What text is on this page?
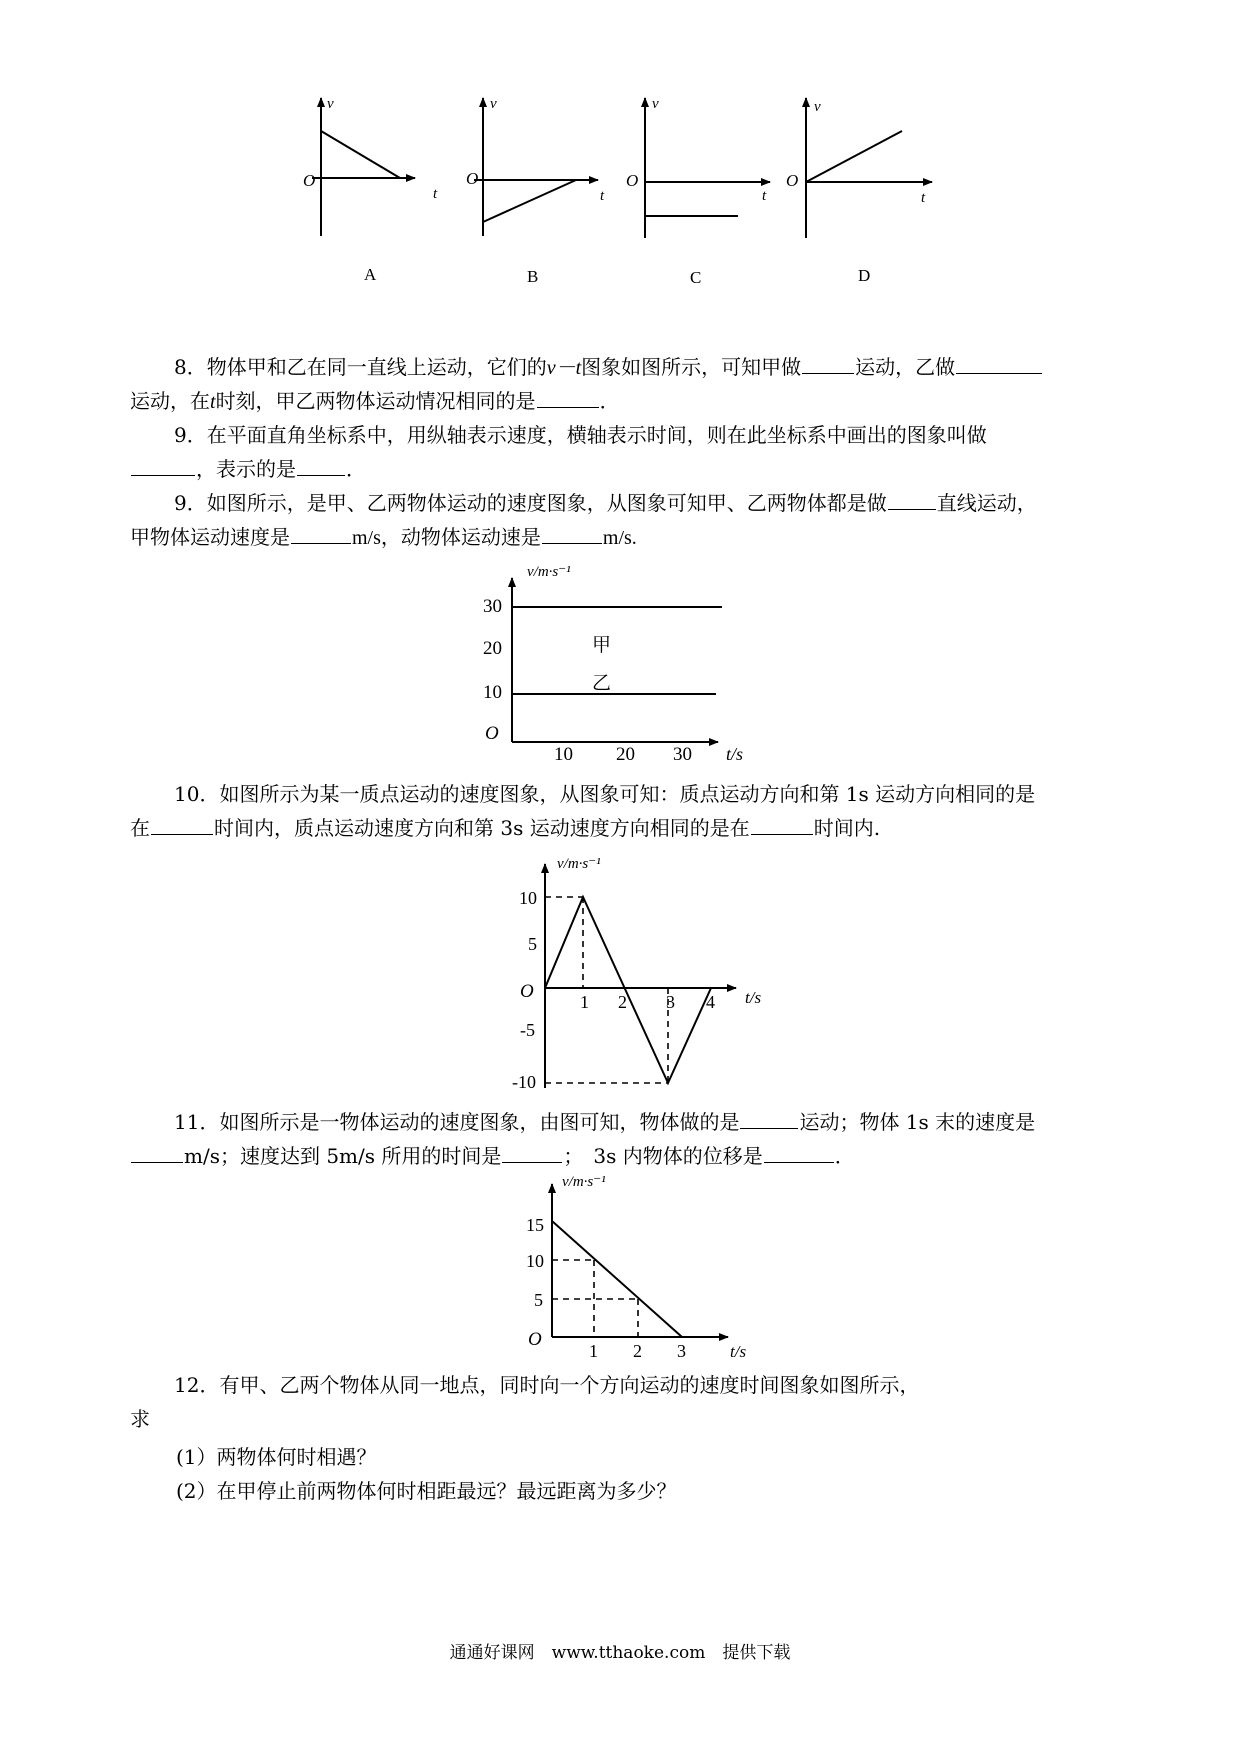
v
O
t
A
v
O
t
B
v
O
t
C
v
O
t
D

8．物体甲和乙在同一直线上运动，它们的v－t图象如图所示，可知甲做	运动，乙做

运动，在t时刻，甲乙两物体运动情况相同的是	．

9．在平面直角坐标系中，用纵轴表示速度，横轴表示时间，则在此坐标系中画出的图象叫做

，表示的是	．

9．如图所示，是甲、乙两物体运动的速度图象，从图象可知甲、乙两物体都是做	直线运动，

甲物体运动速度是	m/s，动物体运动速是	m/s.

v/m·s⁻¹
O
30
20
10
10 20 30 t/s
甲
乙

10．如图所示为某一质点运动的速度图象，从图象可知：质点运动方向和第 1s 运动方向相同的是

在	时间内，质点运动速度方向和第 3s 运动速度方向相同的是在	时间内.

v/m·s⁻¹
O
10
5
-5
-10
1 2 3 4 t/s

11．如图所示是一物体运动的速度图象，由图可知，物体做的是	运动；物体 1s 末的速度是

m/s；速度达到 5m/s 所用的时间是	；　3s 内物体的位移是	．

v/m·s⁻¹
O
15
10
5
1 2 3	t/s

12．有甲、乙两个物体从同一地点，同时向一个方向运动的速度时间图象如图所示，

求

(1）两物体何时相遇？

(2）在甲停止前两物体何时相距最远？最远距离为多少？

通通好课网　www.tthaoke.com　提供下载
